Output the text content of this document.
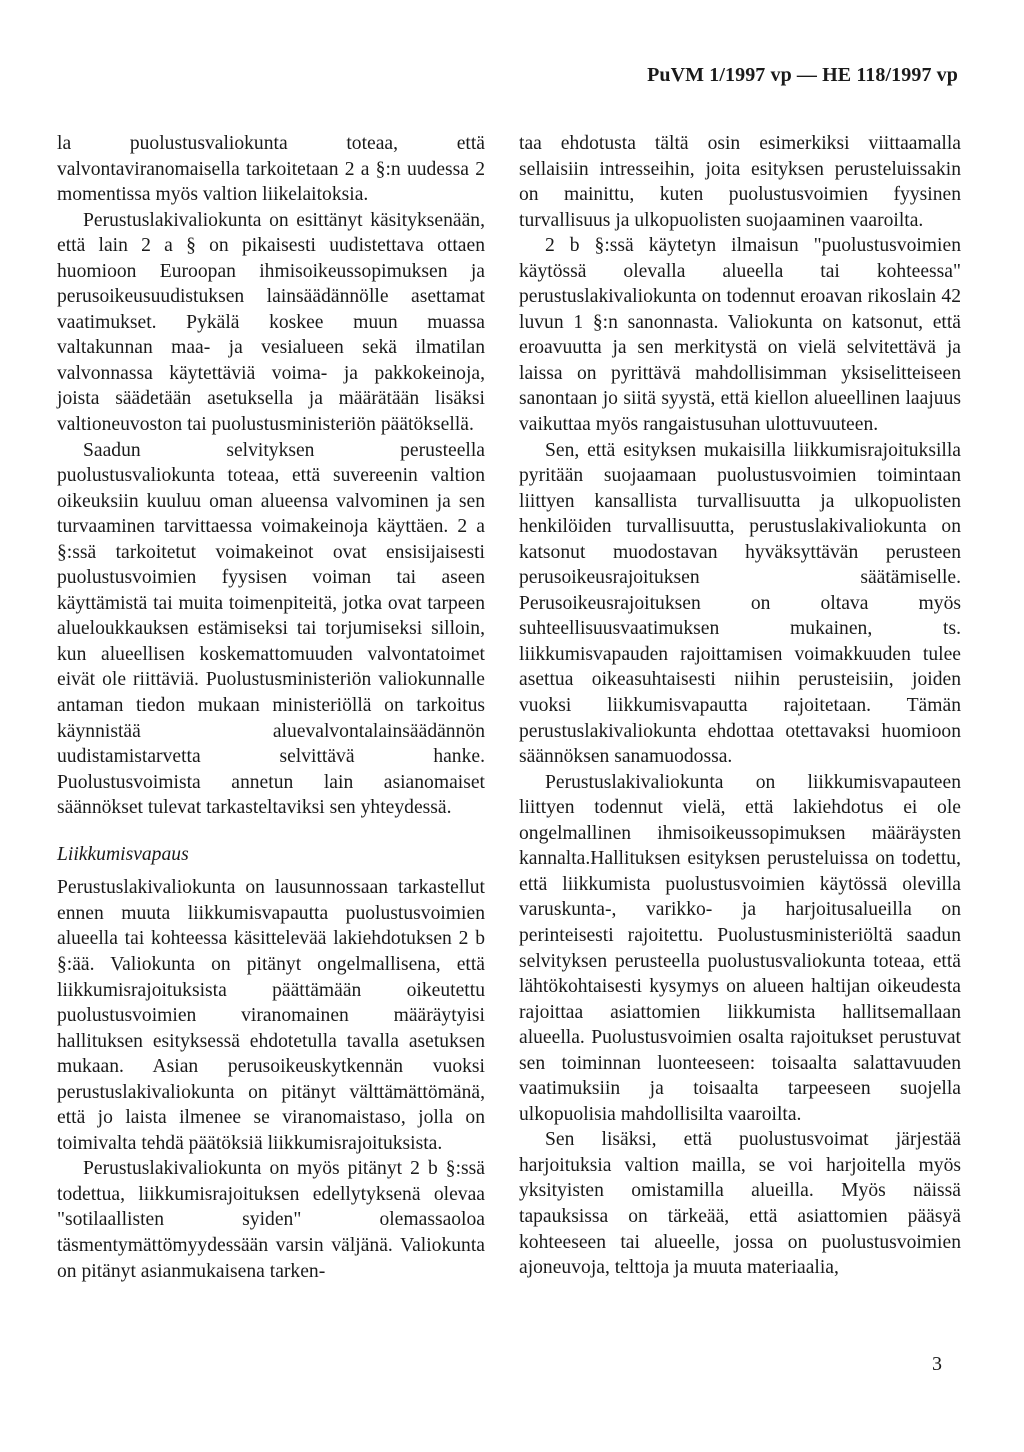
PuVM 1/1997 vp — HE 118/1997 vp

la puolustusvaliokunta toteaa, että valvontaviranomaisella tarkoitetaan 2 a §:n uudessa 2 momentissa myös valtion liikelaitoksia.

Perustuslakivaliokunta on esittänyt käsityksenään, että lain 2 a § on pikaisesti uudistettava ottaen huomioon Euroopan ihmisoikeussopimuksen ja perusoikeusuudistuksen lainsäädännölle asettamat vaatimukset. Pykälä koskee muun muassa valtakunnan maa- ja vesialueen sekä ilmatilan valvonnassa käytettäviä voima- ja pakkokeinoja, joista säädetään asetuksella ja määrätään lisäksi valtioneuvoston tai puolustusministeriön päätöksellä.

Saadun selvityksen perusteella puolustusvaliokunta toteaa, että suvereenin valtion oikeuksiin kuuluu oman alueensa valvominen ja sen turvaaminen tarvittaessa voimakeinoja käyttäen. 2 a §:ssä tarkoitetut voimakeinot ovat ensisijaisesti puolustusvoimien fyysisen voiman tai aseen käyttämistä tai muita toimenpiteitä, jotka ovat tarpeen alueloukkauksen estämiseksi tai torjumiseksi silloin, kun alueellisen koskemattomuuden valvontatoimet eivät ole riittäviä. Puolustusministeriön valiokunnalle antaman tiedon mukaan ministeriöllä on tarkoitus käynnistää aluevalvontalainsäädännön uudistamistarvetta selvittävä hanke. Puolustusvoimista annetun lain asianomaiset säännökset tulevat tarkasteltaviksi sen yhteydessä.

Liikkumisvapaus

Perustuslakivaliokunta on lausunnossaan tarkastellut ennen muuta liikkumisvapautta puolustusvoimien alueella tai kohteessa käsittelevää lakiehdotuksen 2 b §:ää. Valiokunta on pitänyt ongelmallisena, että liikkumisrajoituksista päättämään oikeutettu puolustusvoimien viranomainen määräytyisi hallituksen esityksessä ehdotetulla tavalla asetuksen mukaan. Asian perusoikeuskytkennän vuoksi perustuslakivaliokunta on pitänyt välttämättömänä, että jo laista ilmenee se viranomaistaso, jolla on toimivalta tehdä päätöksiä liikkumisrajoituksista.

Perustuslakivaliokunta on myös pitänyt 2 b §:ssä todettua, liikkumisrajoituksen edellytyksenä olevaa "sotilaallisten syiden" olemassaoloa täsmentymättömyydessään varsin väljänä. Valiokunta on pitänyt asianmukaisena tarken-

taa ehdotusta tältä osin esimerkiksi viittaamalla sellaisiin intresseihin, joita esityksen perusteluissakin on mainittu, kuten puolustusvoimien fyysinen turvallisuus ja ulkopuolisten suojaaminen vaaroilta.

2 b §:ssä käytetyn ilmaisun "puolustusvoimien käytössä olevalla alueella tai kohteessa" perustuslakivaliokunta on todennut eroavan rikoslain 42 luvun 1 §:n sanonnasta. Valiokunta on katsonut, että eroavuutta ja sen merkitystä on vielä selvitettävä ja laissa on pyrittävä mahdollisimman yksiselitteiseen sanontaan jo siitä syystä, että kiellon alueellinen laajuus vaikuttaa myös rangaistusuhan ulottuvuuteen.

Sen, että esityksen mukaisilla liikkumisrajoituksilla pyritään suojaamaan puolustusvoimien toimintaan liittyen kansallista turvallisuutta ja ulkopuolisten henkilöiden turvallisuutta, perustuslakivaliokunta on katsonut muodostavan hyväksyttävän perusteen perusoikeusrajoituksen säätämiselle. Perusoikeusrajoituksen on oltava myös suhteellisuusvaatimuksen mukainen, ts. liikkumisvapauden rajoittamisen voimakkuuden tulee asettua oikeasuhtaisesti niihin perusteisiin, joiden vuoksi liikkumisvapautta rajoitetaan. Tämän perustuslakivaliokunta ehdottaa otettavaksi huomioon säännöksen sanamuodossa.

Perustuslakivaliokunta on liikkumisvapauteen liittyen todennut vielä, että lakiehdotus ei ole ongelmallinen ihmisoikeussopimuksen määräysten kannalta.Hallituksen esityksen perusteluissa on todettu, että liikkumista puolustusvoimien käytössä olevilla varuskunta-, varikko- ja harjoitusalueilla on perinteisesti rajoitettu. Puolustusministeriöltä saadun selvityksen perusteella puolustusvaliokunta toteaa, että lähtökohtaisesti kysymys on alueen haltijan oikeudesta rajoittaa asiattomien liikkumista hallitsemallaan alueella. Puolustusvoimien osalta rajoitukset perustuvat sen toiminnan luonteeseen: toisaalta salattavuuden vaatimuksiin ja toisaalta tarpeeseen suojella ulkopuolisia mahdollisilta vaaroilta.

Sen lisäksi, että puolustusvoimat järjestää harjoituksia valtion mailla, se voi harjoitella myös yksityisten omistamilla alueilla. Myös näissä tapauksissa on tärkeää, että asiattomien pääsyä kohteeseen tai alueelle, jossa on puolustusvoimien ajoneuvoja, telttoja ja muuta materiaalia,

3
